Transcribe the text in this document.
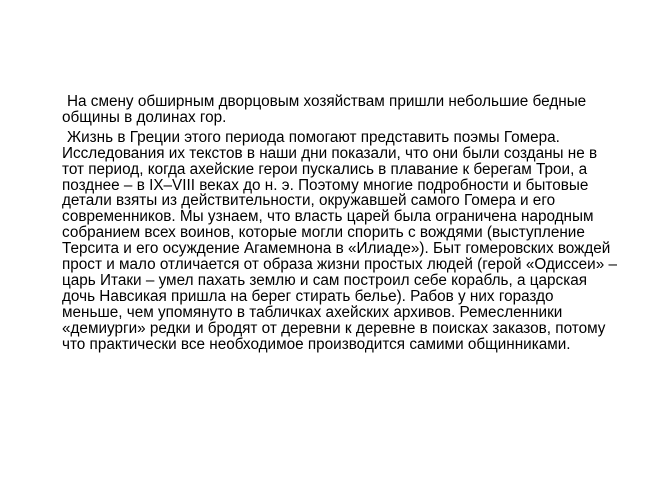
На смену обширным дворцовым хозяйствам пришли небольшие бедные общины в долинах гор.

Жизнь в Греции этого периода помогают представить поэмы Гомера. Исследования их текстов в наши дни показали, что они были созданы не в тот период, когда ахейские герои пускались в плавание к берегам Трои, а позднее – в IX–VIII веках до н. э. Поэтому многие подробности и бытовые детали взяты из действительности, окружавшей самого Гомера и его современников. Мы узнаем, что власть царей была ограничена народным собранием всех воинов, которые могли спорить с вождями (выступление Терсита и его осуждение Агамемнона в «Илиаде»). Быт гомеровских вождей прост и мало отличается от образа жизни простых людей (герой «Одиссеи» – царь Итаки – умел пахать землю и сам построил себе корабль, а царская дочь Навсикая пришла на берег стирать белье). Рабов у них гораздо меньше, чем упомянуто в табличках ахейских архивов. Ремесленники «демиурги» редки и бродят от деревни к деревне в поисках заказов, потому что практически все необходимое производится самими общинниками.
